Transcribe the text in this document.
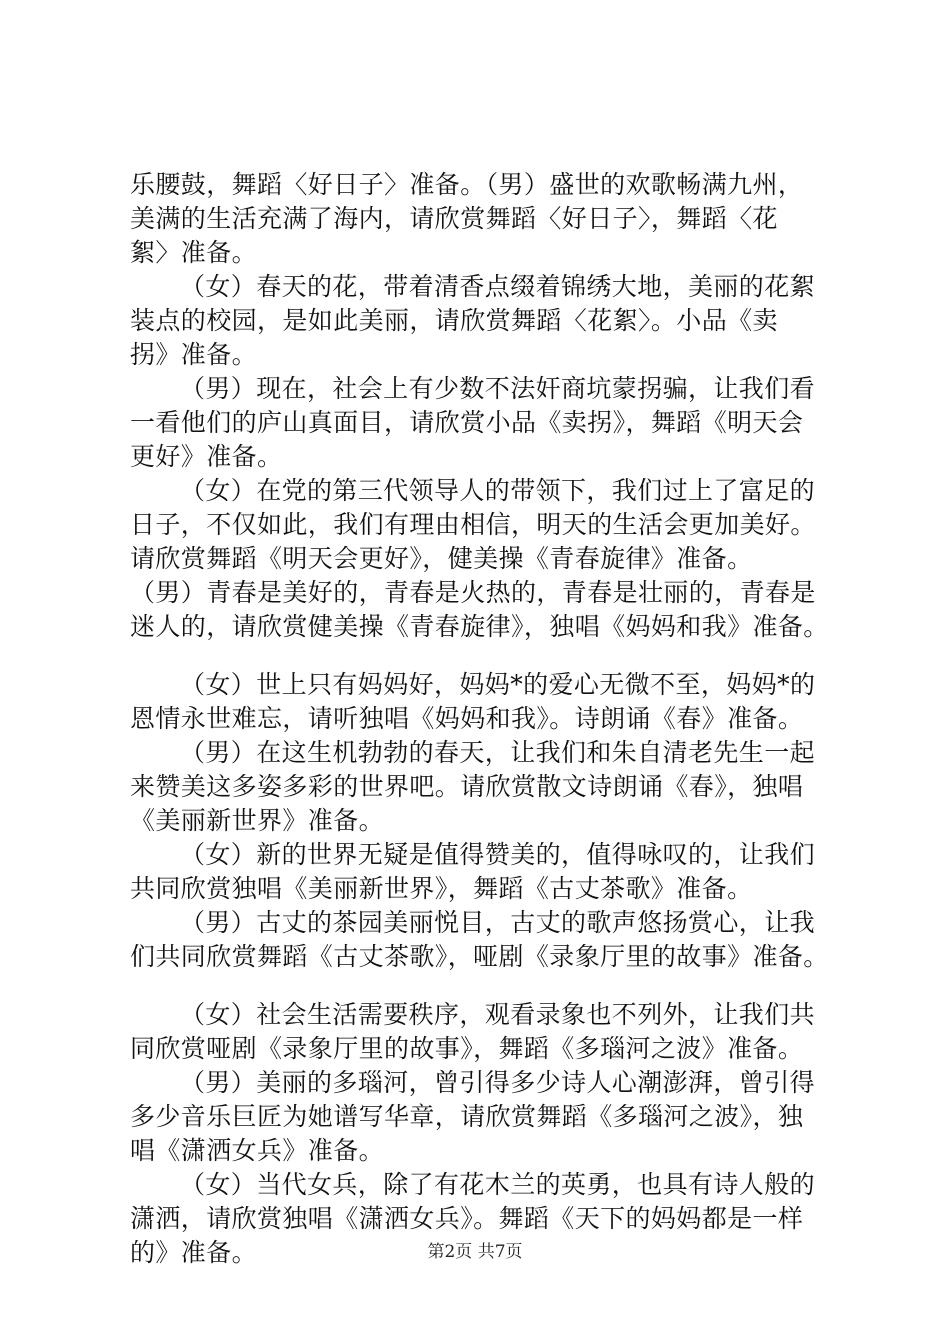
乐腰鼓，舞蹈〈好日子〉准备。（男）盛世的欢歌畅满九州，
美满的生活充满了海内，请欣赏舞蹈〈好日子〉，舞蹈〈花
絮〉准备。
（女）春天的花，带着清香点缀着锦绣大地，美丽的花絮
装点的校园，是如此美丽，请欣赏舞蹈〈花絮〉。小品《卖
拐》准备。
（男）现在，社会上有少数不法奸商坑蒙拐骗，让我们看
一看他们的庐山真面目，请欣赏小品《卖拐》，舞蹈《明天会
更好》准备。
（女）在党的第三代领导人的带领下，我们过上了富足的
日子，不仅如此，我们有理由相信，明天的生活会更加美好。
请欣赏舞蹈《明天会更好》，健美操《青春旋律》准备。
（男）青春是美好的，青春是火热的，青春是壮丽的，青春是
迷人的，请欣赏健美操《青春旋律》，独唱《妈妈和我》准备。
（女）世上只有妈妈好，妈妈*的爱心无微不至，妈妈*的
恩情永世难忘，请听独唱《妈妈和我》。诗朗诵《春》准备。
（男）在这生机勃勃的春天，让我们和朱自清老先生一起
来赞美这多姿多彩的世界吧。请欣赏散文诗朗诵《春》，独唱
《美丽新世界》准备。
（女）新的世界无疑是值得赞美的，值得咏叹的，让我们
共同欣赏独唱《美丽新世界》，舞蹈《古丈茶歌》准备。
（男）古丈的茶园美丽悦目，古丈的歌声悠扬赏心，让我
们共同欣赏舞蹈《古丈茶歌》，哑剧《录象厅里的故事》准备。
（女）社会生活需要秩序，观看录象也不列外，让我们共
同欣赏哑剧《录象厅里的故事》，舞蹈《多瑙河之波》准备。
（男）美丽的多瑙河，曾引得多少诗人心潮澎湃，曾引得
多少音乐巨匠为她谱写华章，请欣赏舞蹈《多瑙河之波》，独
唱《潇洒女兵》准备。
（女）当代女兵，除了有花木兰的英勇，也具有诗人般的
潇洒，请欣赏独唱《潇洒女兵》。舞蹈《天下的妈妈都是一样
的》准备。	第2页 共7页
